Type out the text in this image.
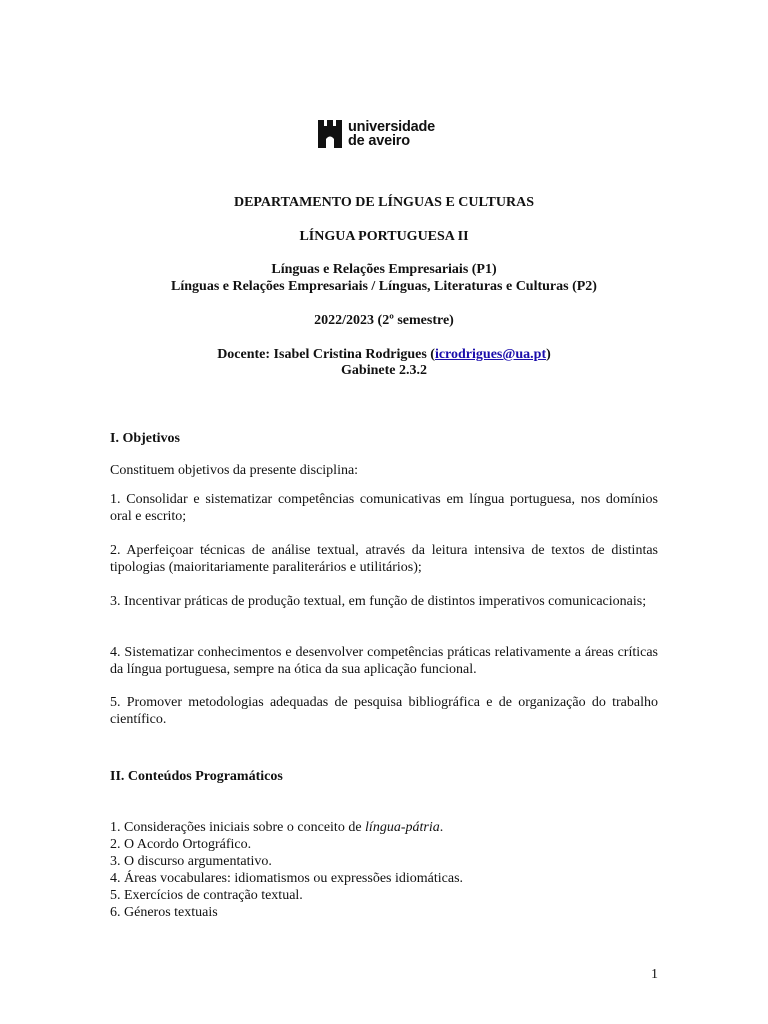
universidade
de aveiro
DEPARTAMENTO DE LÍNGUAS E CULTURAS
LÍNGUA PORTUGUESA II
Línguas e Relações Empresariais (P1)
Línguas e Relações Empresariais / Línguas, Literaturas e Culturas (P2)
2022/2023 (2º semestre)
Docente: Isabel Cristina Rodrigues (icrodrigues@ua.pt)
Gabinete 2.3.2
I. Objetivos
Constituem objetivos da presente disciplina:
1. Consolidar e sistematizar competências comunicativas em língua portuguesa, nos domínios oral e escrito;
2. Aperfeiçoar técnicas de análise textual, através da leitura intensiva de textos de distintas tipologias (maioritariamente paraliterários e utilitários);
3. Incentivar práticas de produção textual, em função de distintos imperativos comunicacionais;
4. Sistematizar conhecimentos e desenvolver competências práticas relativamente a áreas críticas da língua portuguesa, sempre na ótica da sua aplicação funcional.
5. Promover metodologias adequadas de pesquisa bibliográfica e de organização do trabalho científico.
II. Conteúdos Programáticos
1. Considerações iniciais sobre o conceito de língua-pátria.
2. O Acordo Ortográfico.
3. O discurso argumentativo.
4. Áreas vocabulares: idiomatismos ou expressões idiomáticas.
5. Exercícios de contração textual.
6. Géneros textuais
1
